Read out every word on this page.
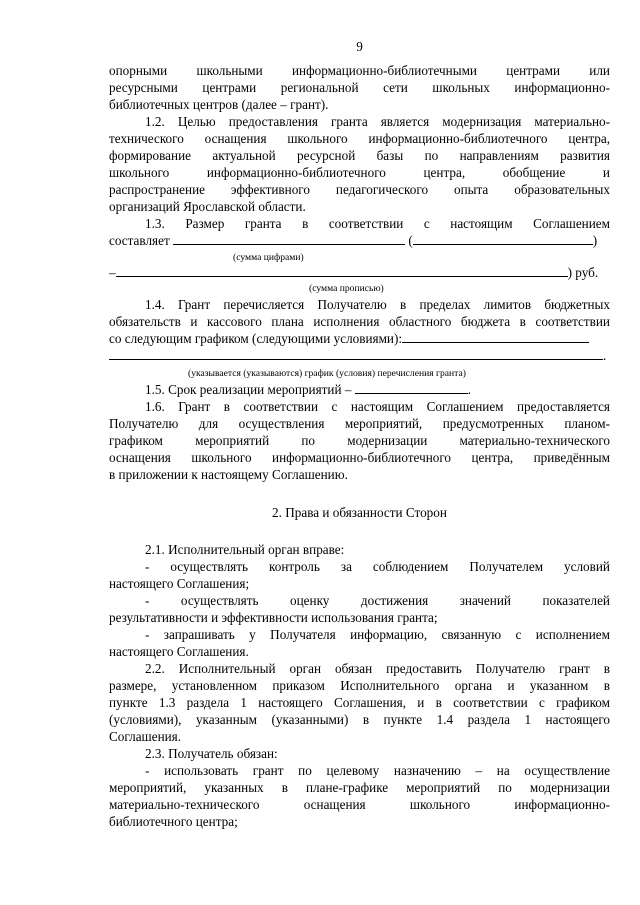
9
опорными школьными информационно-библиотечными центрами или
ресурсными центрами региональной сети школьных информационно-
библиотечных центров (далее – грант).
1.2. Целью предоставления гранта является модернизация материально-
технического оснащения школьного информационно-библиотечного центра,
формирование актуальной ресурсной базы по направлениям развития
школьного информационно-библиотечного центра, обобщение и
распространение эффективного педагогического опыта образовательных
организаций Ярославской области.
1.3. Размер гранта в соответствии с настоящим Соглашением
составляет	(	)
(сумма цифрами)
–	) руб.
(сумма прописью)
1.4. Грант перечисляется Получателю в пределах лимитов бюджетных
обязательств и кассового плана исполнения областного бюджета в соответствии
со следующим графиком (следующими условиями):
.
(указывается (указываются) график (условия) перечисления гранта)
1.5. Срок реализации мероприятий –	.
1.6. Грант в соответствии с настоящим Соглашением предоставляется
Получателю для осуществления мероприятий, предусмотренных планом-
графиком мероприятий по модернизации материально-технического
оснащения школьного информационно-библиотечного центра, приведённым
в приложении к настоящему Соглашению.
2. Права и обязанности Сторон
2.1. Исполнительный орган вправе:
- осуществлять контроль за соблюдением Получателем условий
настоящего Соглашения;
- осуществлять оценку достижения значений показателей
результативности и эффективности использования гранта;
- запрашивать у Получателя информацию, связанную с исполнением
настоящего Соглашения.
2.2. Исполнительный орган обязан предоставить Получателю грант в
размере, установленном приказом Исполнительного органа и указанном в
пункте 1.3 раздела 1 настоящего Соглашения, и в соответствии с графиком
(условиями), указанным (указанными) в пункте 1.4 раздела 1 настоящего
Соглашения.
2.3. Получатель обязан:
- использовать грант по целевому назначению – на осуществление
мероприятий, указанных в плане-графике мероприятий по модернизации
материально-технического оснащения школьного информационно-
библиотечного центра;
